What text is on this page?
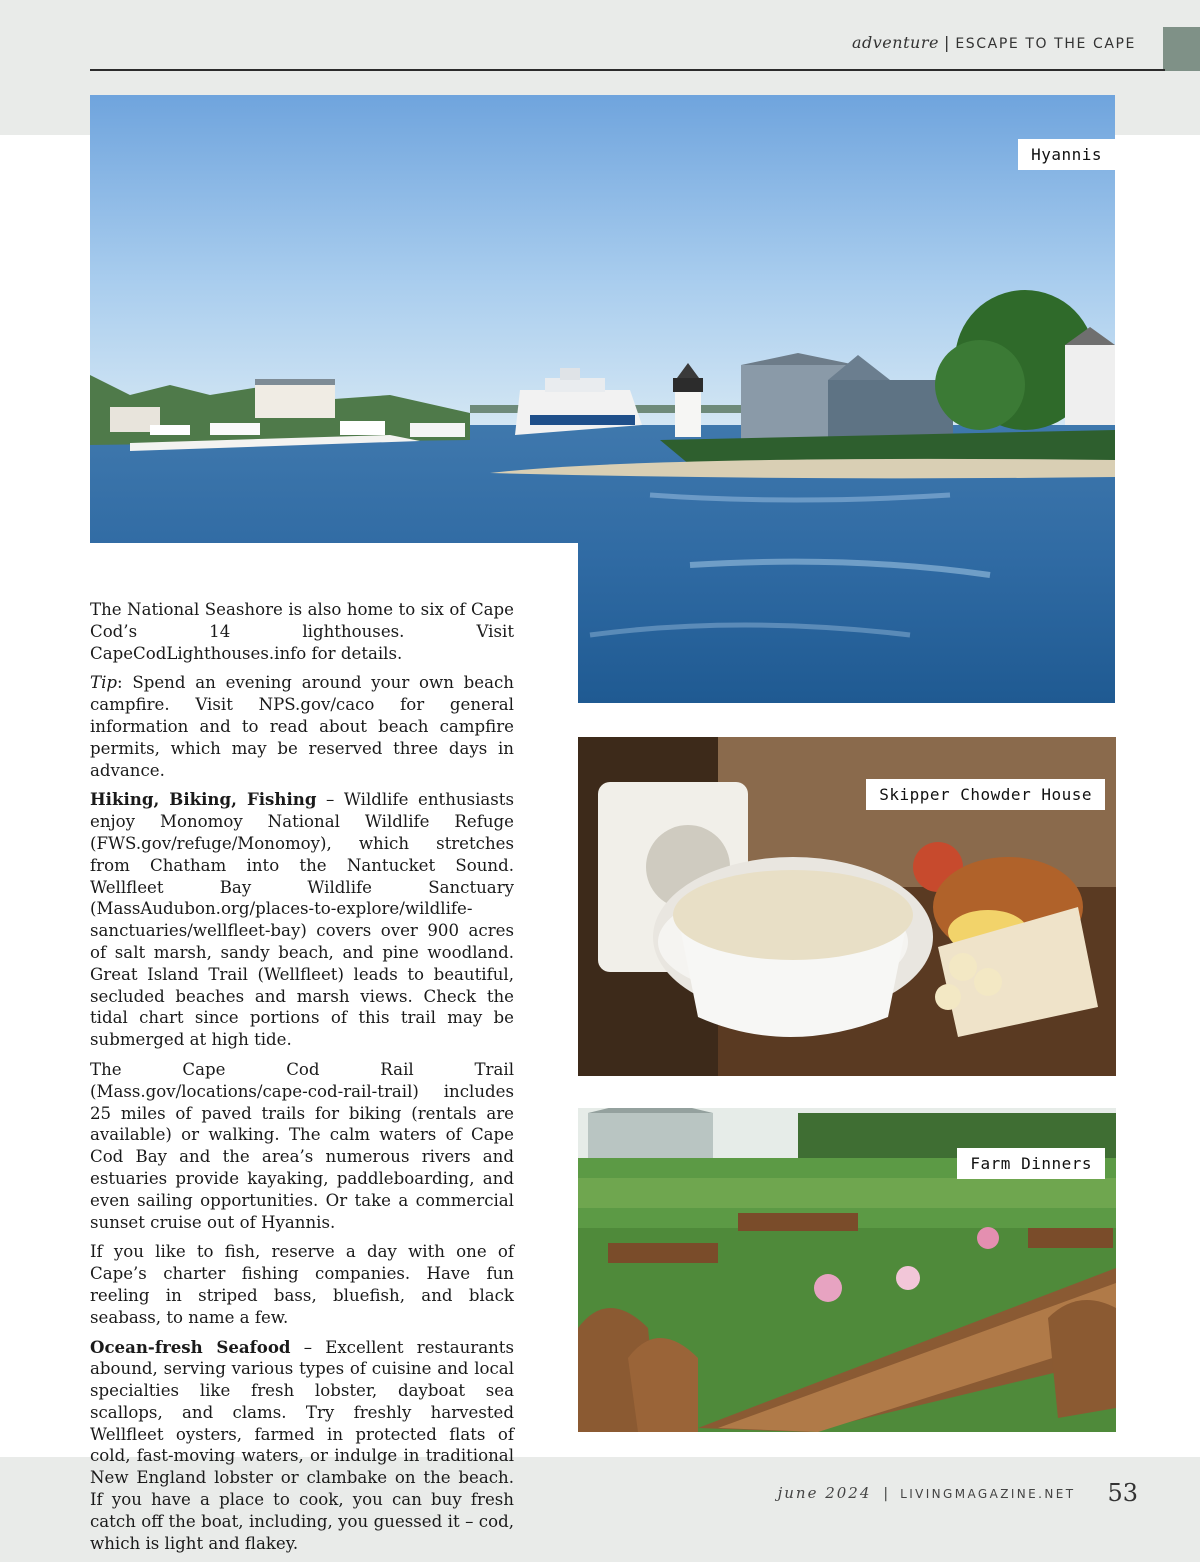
adventure | ESCAPE TO THE CAPE
Hyannis
Skipper Chowder House
Farm Dinners

The National Seashore is also home to six of Cape Cod’s 14 lighthouses. Visit CapeCodLighthouses.info for details.

Tip: Spend an evening around your own beach campfire. Visit NPS.gov/caco for general information and to read about beach campfire permits, which may be reserved three days in advance.

Hiking, Biking, Fishing – Wildlife enthusiasts enjoy Monomoy National Wildlife Refuge (FWS.gov/refuge/Monomoy), which stretches from Chatham into the Nantucket Sound. Wellfleet Bay Wildlife Sanctuary (MassAudubon.org/places-to-explore/wildlife-sanctuaries/wellfleet-bay) covers over 900 acres of salt marsh, sandy beach, and pine woodland. Great Island Trail (Wellfleet) leads to beautiful, secluded beaches and marsh views. Check the tidal chart since portions of this trail may be submerged at high tide.

The Cape Cod Rail Trail (Mass.gov/locations/cape-cod-rail-trail) includes 25 miles of paved trails for biking (rentals are available) or walking. The calm waters of Cape Cod Bay and the area’s numerous rivers and estuaries provide kayaking, paddleboarding, and even sailing opportunities. Or take a commercial sunset cruise out of Hyannis.

If you like to fish, reserve a day with one of Cape’s charter fishing companies. Have fun reeling in striped bass, bluefish, and black seabass, to name a few.

Ocean-fresh Seafood – Excellent restaurants abound, serving various types of cuisine and local specialties like fresh lobster, dayboat sea scallops, and clams. Try freshly harvested Wellfleet oysters, farmed in protected flats of cold, fast-moving waters, or indulge in traditional New England lobster or clambake on the beach. If you have a place to cook, you can buy fresh catch off the boat, including, you guessed it – cod, which is light and flakey.

june 2024 | LIVINGMAGAZINE.NET 53
